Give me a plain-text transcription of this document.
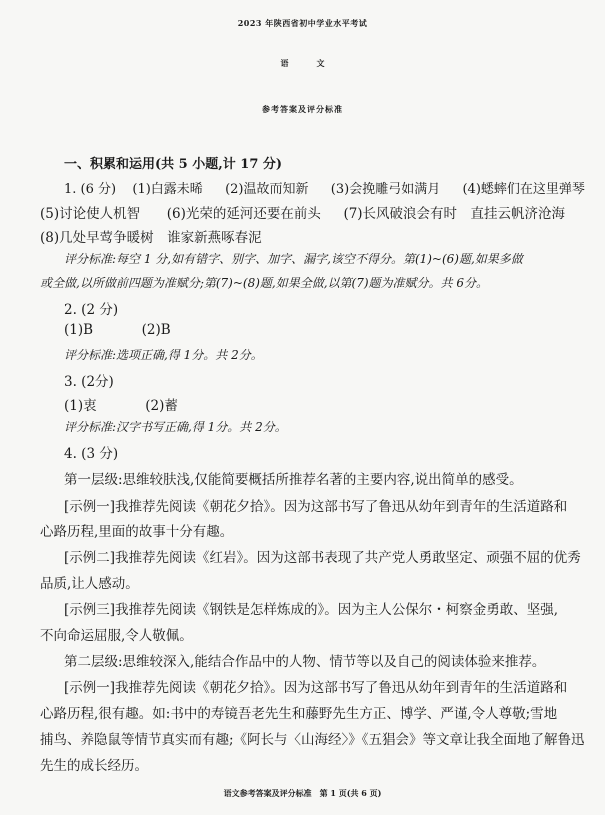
2023 年陕西省初中学业水平考试
语文
参考答案及评分标准
一、积累和运用(共 5 小题,计 17 分)
1. (6 分) (1)白露未晞 (2)温故而知新 (3)会挽雕弓如满月 (4)蟋蟀们在这里弹琴
(5)讨论使人机智 (6)光荣的延河还要在前头 (7)长风破浪会有时　直挂云帆济沧海
(8)几处早莺争暖树　谁家新燕啄春泥
评分标准:每空 1 分,如有错字、别字、加字、漏字,该空不得分。第(1)~(6)题,如果多做
或全做,以所做前四题为准赋分;第(7)~(8)题,如果全做,以第(7)题为准赋分。共 6分。
2. (2 分)
(1)B	(2)B
评分标准:选项正确,得 1分。共 2分。
3. (2分)
(1)衷	(2)蓄
评分标准:汉字书写正确,得 1分。共 2分。
4. (3 分)
第一层级:思维较肤浅,仅能简要概括所推荐名著的主要内容,说出简单的感受。
[示例一]我推荐先阅读《朝花夕拾》。因为这部书写了鲁迅从幼年到青年的生活道路和
心路历程,里面的故事十分有趣。
[示例二]我推荐先阅读《红岩》。因为这部书表现了共产党人勇敢坚定、顽强不屈的优秀
品质,让人感动。
[示例三]我推荐先阅读《钢铁是怎样炼成的》。因为主人公保尔・柯察金勇敢、坚强,
不向命运屈服,令人敬佩。
第二层级:思维较深入,能结合作品中的人物、情节等以及自己的阅读体验来推荐。
[示例一]我推荐先阅读《朝花夕拾》。因为这部书写了鲁迅从幼年到青年的生活道路和
心路历程,很有趣。如:书中的寿镜吾老先生和藤野先生方正、博学、严谨,令人尊敬;雪地
捕鸟、养隐鼠等情节真实而有趣;《阿长与〈山海经〉》《五猖会》等文章让我全面地了解鲁迅
先生的成长经历。
语文参考答案及评分标准　第 1 页(共 6 页)
